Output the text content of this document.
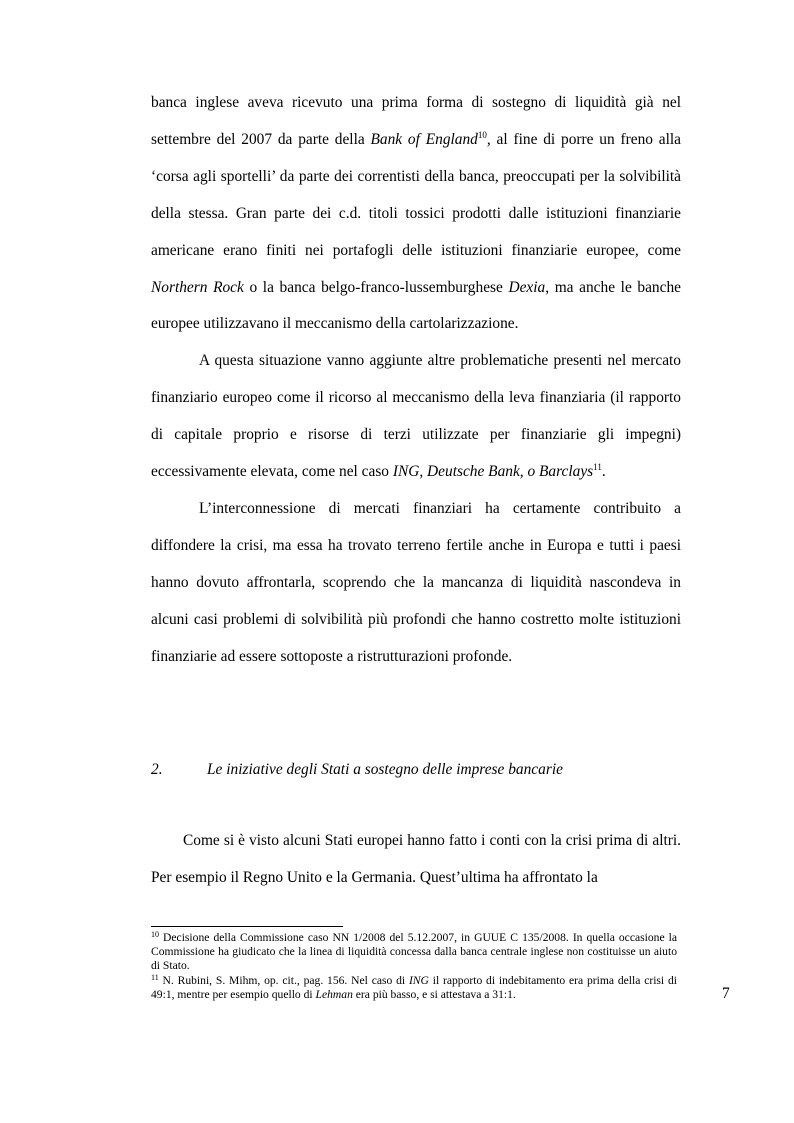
banca inglese aveva ricevuto una prima forma di sostegno di liquidità già nel settembre del 2007 da parte della Bank of England$^{10}$, al fine di porre un freno alla ‘corsa agli sportelli’ da parte dei correntisti della banca, preoccupati per la solvibilità della stessa. Gran parte dei c.d. titoli tossici prodotti dalle istituzioni finanziarie americane erano finiti nei portafogli delle istituzioni finanziarie europee, come Northern Rock o la banca belgo-franco-lussemburghese Dexia, ma anche le banche europee utilizzavano il meccanismo della cartolarizzazione.

A questa situazione vanno aggiunte altre problematiche presenti nel mercato finanziario europeo come il ricorso al meccanismo della leva finanziaria (il rapporto di capitale proprio e risorse di terzi utilizzate per finanziarie gli impegni) eccessivamente elevata, come nel caso ING, Deutsche Bank, o Barclays$^{11}$.

L’interconnessione di mercati finanziari ha certamente contribuito a diffondere la crisi, ma essa ha trovato terreno fertile anche in Europa e tutti i paesi hanno dovuto affrontarla, scoprendo che la mancanza di liquidità nascondeva in alcuni casi problemi di solvibilità più profondi che hanno costretto molte istituzioni finanziarie ad essere sottoposte a ristrutturazioni profonde.

2.	Le iniziative degli Stati a sostegno delle imprese bancarie

Come si è visto alcuni Stati europei hanno fatto i conti con la crisi prima di altri. Per esempio il Regno Unito e la Germania. Quest’ultima ha affrontato la

$^{10}$ Decisione della Commissione caso NN 1/2008 del 5.12.2007, in GUUE C 135/2008. In quella occasione la Commissione ha giudicato che la linea di liquidità concessa dalla banca centrale inglese non costituisse un aiuto di Stato.

$^{11}$ N. Rubini, S. Mihm, op. cit., pag. 156. Nel caso di ING il rapporto di indebitamento era prima della crisi di 49:1, mentre per esempio quello di Lehman era più basso, e si attestava a 31:1.	7
